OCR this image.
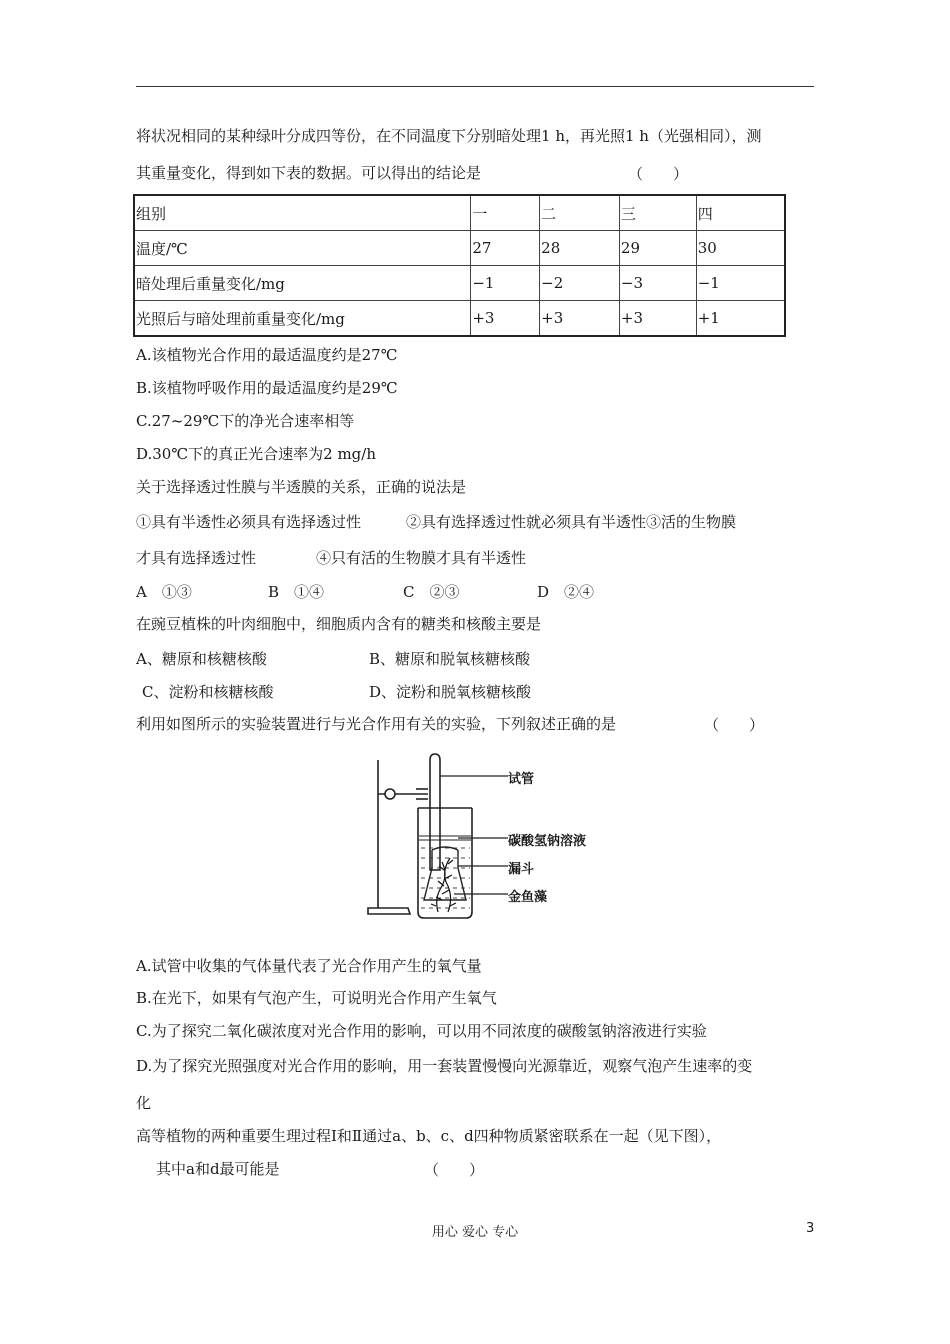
将状况相同的某种绿叶分成四等份，在不同温度下分别暗处理1 h，再光照1 h（光强相同），测
其重量变化，得到如下表的数据。可以得出的结论是	（　　）
组别	一	二	三	四
温度/℃	27	28	29	30
暗处理后重量变化/mg	−1	−2	−3	−1
光照后与暗处理前重量变化/mg	+3	+3	+3	+1
A.该植物光合作用的最适温度约是27℃
B.该植物呼吸作用的最适温度约是29℃
C.27~29℃下的净光合速率相等
D.30℃下的真正光合速率为2 mg/h
关于选择透过性膜与半透膜的关系，正确的说法是
①具有半透性必须具有选择透过性　　　②具有选择透过性就必须具有半透性③活的生物膜
才具有选择透过性　　　　④只有活的生物膜才具有半透性
A　①③	B　①④	C　②③	D　②④
在豌豆植株的叶肉细胞中，细胞质内含有的糖类和核酸主要是
A、糖原和核糖核酸	B、糖原和脱氧核糖核酸
C、淀粉和核糖核酸	D、淀粉和脱氧核糖核酸
利用如图所示的实验装置进行与光合作用有关的实验，下列叙述正确的是	（　　）
试管
碳酸氢钠溶液
漏斗
金鱼藻
A.试管中收集的气体量代表了光合作用产生的氧气量
B.在光下，如果有气泡产生，可说明光合作用产生氧气
C.为了探究二氧化碳浓度对光合作用的影响，可以用不同浓度的碳酸氢钠溶液进行实验
D.为了探究光照强度对光合作用的影响，用一套装置慢慢向光源靠近，观察气泡产生速率的变
化
高等植物的两种重要生理过程Ⅰ和Ⅱ通过a、b、c、d四种物质紧密联系在一起（见下图），
其中a和d最可能是	（　　）
用心 爱心 专心	3
